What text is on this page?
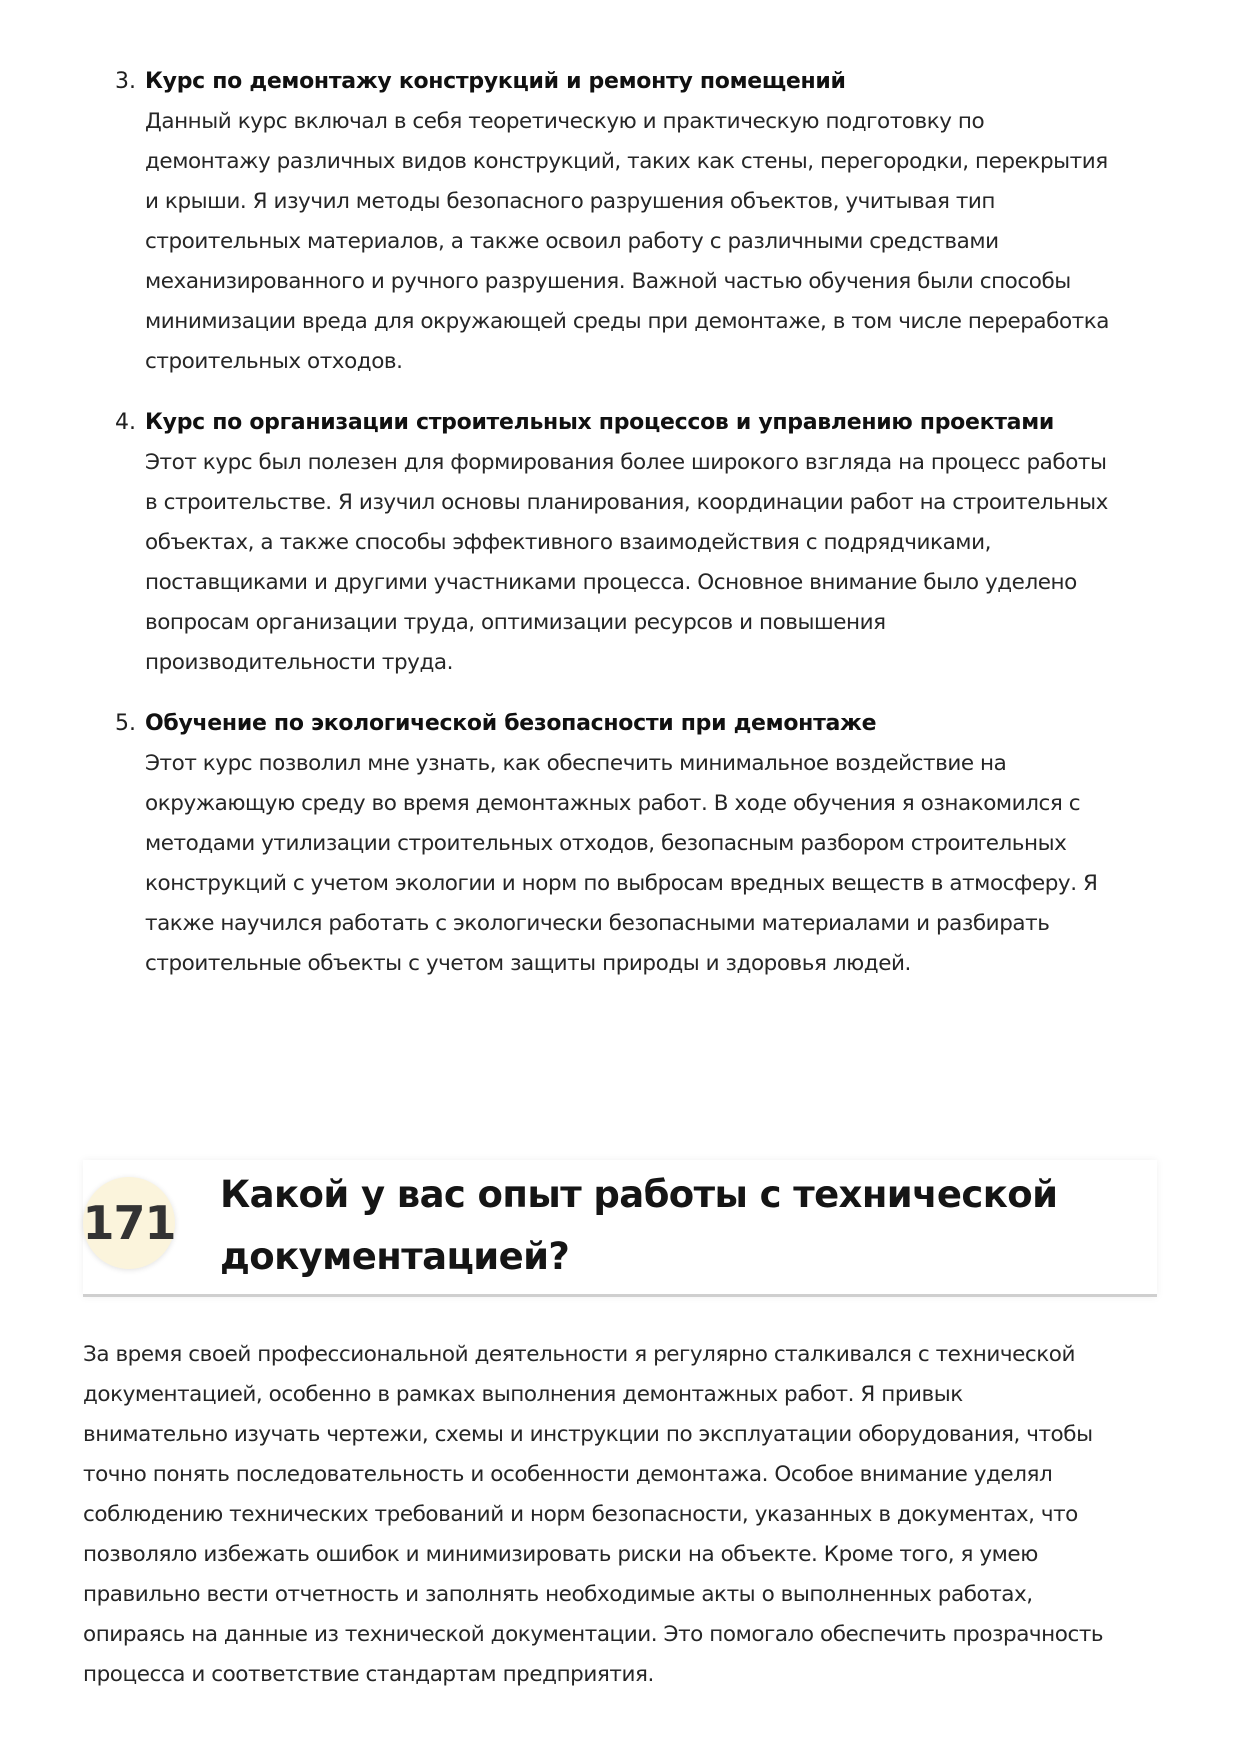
3. Курс по демонтажу конструкций и ремонту помещений

Данный курс включал в себя теоретическую и практическую подготовку по
демонтажу различных видов конструкций, таких как стены, перегородки, перекрытия
и крыши. Я изучил методы безопасного разрушения объектов, учитывая тип
строительных материалов, а также освоил работу с различными средствами
механизированного и ручного разрушения. Важной частью обучения были способы
минимизации вреда для окружающей среды при демонтаже, в том числе переработка
строительных отходов.

4. Курс по организации строительных процессов и управлению проектами

Этот курс был полезен для формирования более широкого взгляда на процесс работы
в строительстве. Я изучил основы планирования, координации работ на строительных
объектах, а также способы эффективного взаимодействия с подрядчиками,
поставщиками и другими участниками процесса. Основное внимание было уделено
вопросам организации труда, оптимизации ресурсов и повышения
производительности труда.

5. Обучение по экологической безопасности при демонтаже

Этот курс позволил мне узнать, как обеспечить минимальное воздействие на
окружающую среду во время демонтажных работ. В ходе обучения я ознакомился с
методами утилизации строительных отходов, безопасным разбором строительных
конструкций с учетом экологии и норм по выбросам вредных веществ в атмосферу. Я
также научился работать с экологически безопасными материалами и разбирать
строительные объекты с учетом защиты природы и здоровья людей.

171
Какой у вас опыт работы с технической
документацией?

За время своей профессиональной деятельности я регулярно сталкивался с технической
документацией, особенно в рамках выполнения демонтажных работ. Я привык
внимательно изучать чертежи, схемы и инструкции по эксплуатации оборудования, чтобы
точно понять последовательность и особенности демонтажа. Особое внимание уделял
соблюдению технических требований и норм безопасности, указанных в документах, что
позволяло избежать ошибок и минимизировать риски на объекте. Кроме того, я умею
правильно вести отчетность и заполнять необходимые акты о выполненных работах,
опираясь на данные из технической документации. Это помогало обеспечить прозрачность
процесса и соответствие стандартам предприятия.
